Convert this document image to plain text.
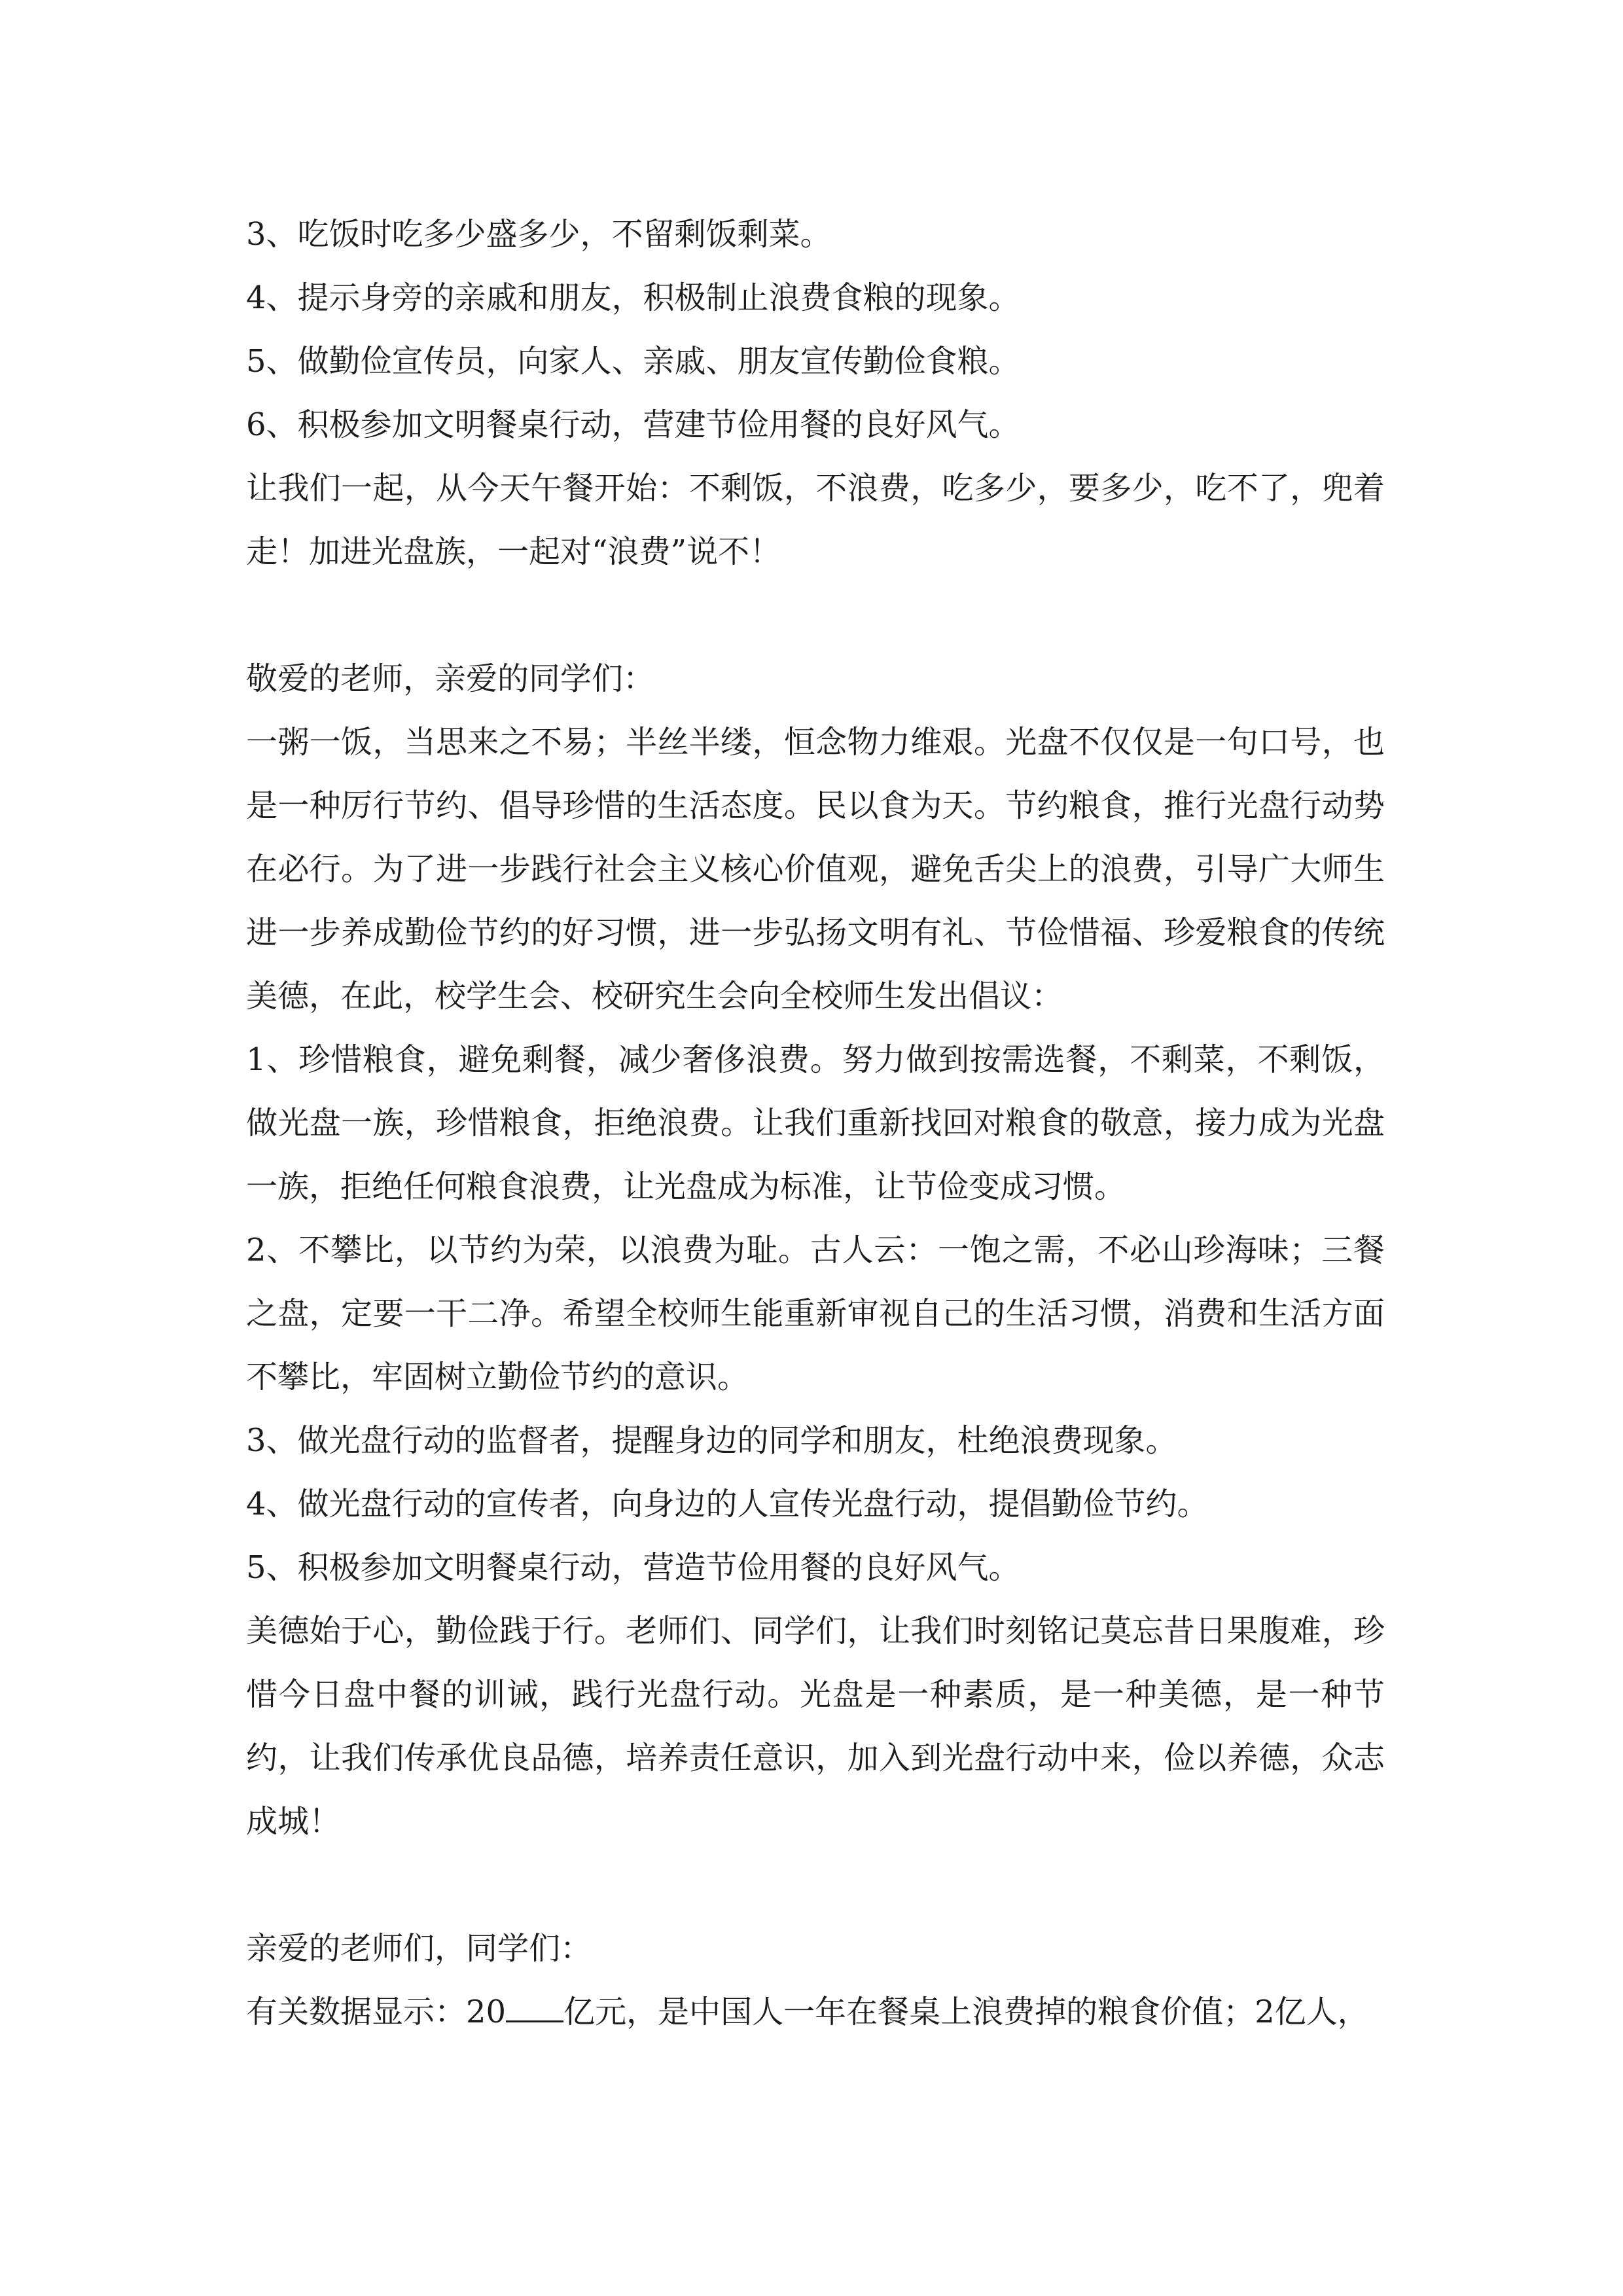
3、吃饭时吃多少盛多少，不留剩饭剩菜。

4、提示身旁的亲戚和朋友，积极制止浪费食粮的现象。

5、做勤俭宣传员，向家人、亲戚、朋友宣传勤俭食粮。

6、积极参加文明餐桌行动，营建节俭用餐的良好风气。

让我们一起，从今天午餐开始：不剩饭，不浪费，吃多少，要多少，吃不了，兜着走！加进光盘族，一起对“浪费”说不！

敬爱的老师，亲爱的同学们：

一粥一饭，当思来之不易；半丝半缕，恒念物力维艰。光盘不仅仅是一句口号，也是一种厉行节约、倡导珍惜的生活态度。民以食为天。节约粮食，推行光盘行动势在必行。为了进一步践行社会主义核心价值观，避免舌尖上的浪费，引导广大师生进一步养成勤俭节约的好习惯，进一步弘扬文明有礼、节俭惜福、珍爱粮食的传统美德，在此，校学生会、校研究生会向全校师生发出倡议：

1、珍惜粮食，避免剩餐，减少奢侈浪费。努力做到按需选餐，不剩菜，不剩饭，做光盘一族，珍惜粮食，拒绝浪费。让我们重新找回对粮食的敬意，接力成为光盘一族，拒绝任何粮食浪费，让光盘成为标准，让节俭变成习惯。

2、不攀比，以节约为荣，以浪费为耻。古人云：一饱之需，不必山珍海味；三餐之盘，定要一干二净。希望全校师生能重新审视自己的生活习惯，消费和生活方面不攀比，牢固树立勤俭节约的意识。

3、做光盘行动的监督者，提醒身边的同学和朋友，杜绝浪费现象。

4、做光盘行动的宣传者，向身边的人宣传光盘行动，提倡勤俭节约。

5、积极参加文明餐桌行动，营造节俭用餐的良好风气。

美德始于心，勤俭践于行。老师们、同学们，让我们时刻铭记莫忘昔日果腹难，珍惜今日盘中餐的训诫，践行光盘行动。光盘是一种素质，是一种美德，是一种节约，让我们传承优良品德，培养责任意识，加入到光盘行动中来，俭以养德，众志成城！

亲爱的老师们，同学们：

有关数据显示：20 亿元，是中国人一年在餐桌上浪费掉的粮食价值；2亿人，
